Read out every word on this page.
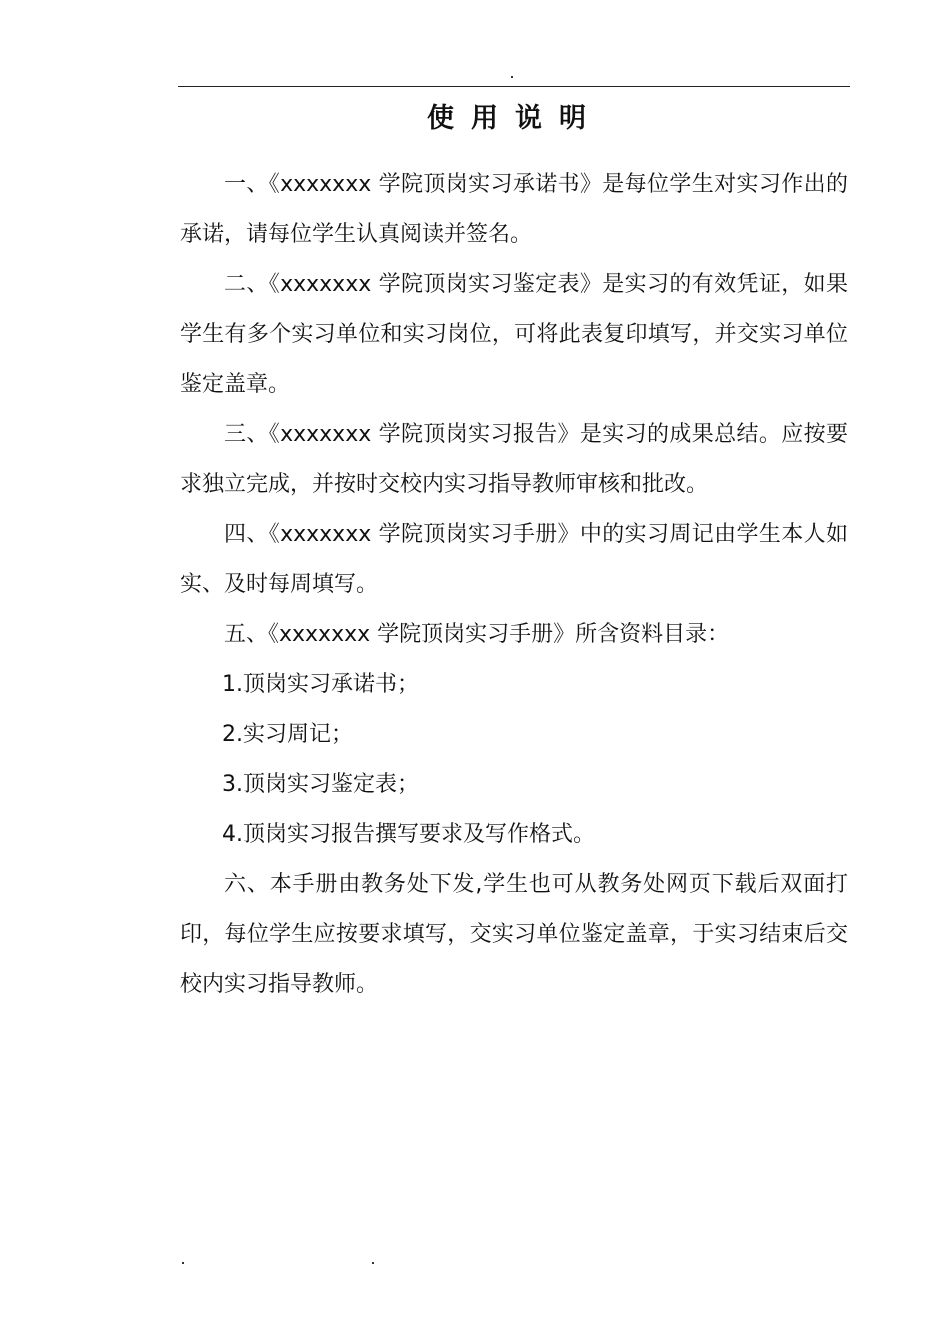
使用说明

一、《xxxxxxx 学院顶岗实习承诺书》是每位学生对实习作出的承诺，请每位学生认真阅读并签名。

二、《xxxxxxx 学院顶岗实习鉴定表》是实习的有效凭证，如果学生有多个实习单位和实习岗位，可将此表复印填写，并交实习单位鉴定盖章。

三、《xxxxxxx 学院顶岗实习报告》是实习的成果总结。应按要求独立完成，并按时交校内实习指导教师审核和批改。

四、《xxxxxxx 学院顶岗实习手册》中的实习周记由学生本人如实、及时每周填写。

五、《xxxxxxx 学院顶岗实习手册》所含资料目录：

1.顶岗实习承诺书；

2.实习周记；

3.顶岗实习鉴定表；

4.顶岗实习报告撰写要求及写作格式。

六、本手册由教务处下发,学生也可从教务处网页下载后双面打印，每位学生应按要求填写，交实习单位鉴定盖章，于实习结束后交校内实习指导教师。
